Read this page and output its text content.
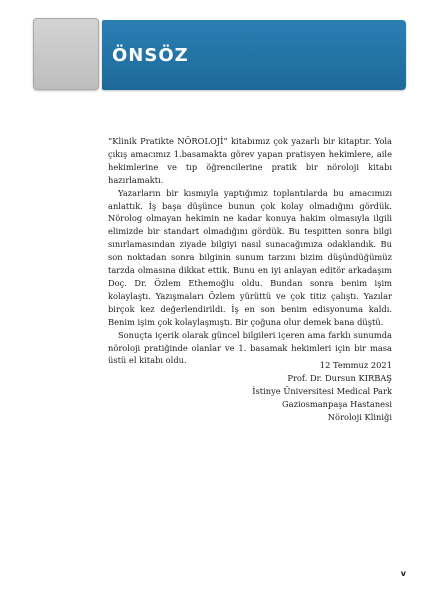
ÖNSÖZ

“Klinik Pratikte NÖROLOJİ” kitabımız çok yazarlı bir kitaptır. Yola çıkış amacımız 1.basamakta görev yapan pratisyen hekimlere, aile hekimlerine ve tıp öğrencilerine pratik bir nöroloji kitabı hazırlamaktı.

Yazarların bir kısmıyla yaptığımız toplantılarda bu amacımızı anlattık. İş başa düşünce bunun çok kolay olmadığını gördük. Nörolog olmayan hekimin ne kadar konuya hakim olmasıyla ilgili elimizde bir standart olmadığını gördük. Bu tespitten sonra bilgi sınırlamasından ziyade bilgiyi nasıl sunacağımıza odaklandık. Bu son noktadan sonra bilginin sunum tarzını bizim düşündüğümüz tarzda olmasına dikkat ettik. Bunu en iyi anlayan editör arkadaşım Doç. Dr. Özlem Ethemoğlu oldu. Bundan sonra benim işim kolaylaştı. Yazışmaları Özlem yürüttü ve çok titiz çalıştı. Yazılar birçok kez değerlendirildi. İş en son benim edisyonuma kaldı. Benim işim çok kolaylaşmıştı. Bir çoğuna olur demek bana düştü.

Sonuçta içerik olarak güncel bilgileri içeren ama farklı sunumda nöroloji pratiğinde olanlar ve 1. basamak hekimleri için bir masa üstü el kitabı oldu.	12 Temmuz 2021
Prof. Dr. Dursun KIRBAŞ
İstinye Üniversitesi Medical Park
Gaziosmanpaşa Hastanesi
Nöroloji Kliniği
v
